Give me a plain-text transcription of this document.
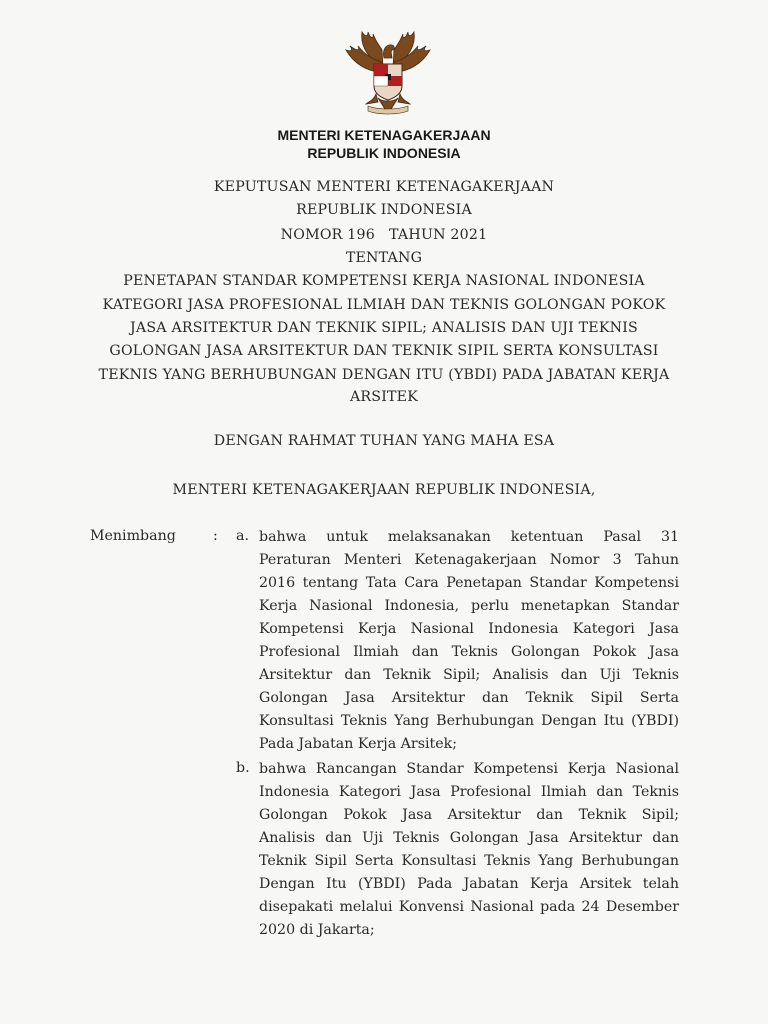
MENTERI KETENAGAKERJAAN
REPUBLIK INDONESIA
KEPUTUSAN MENTERI KETENAGAKERJAAN
REPUBLIK INDONESIA
NOMOR 196   TAHUN 2021
TENTANG
PENETAPAN STANDAR KOMPETENSI KERJA NASIONAL INDONESIA
KATEGORI JASA PROFESIONAL ILMIAH DAN TEKNIS GOLONGAN POKOK
JASA ARSITEKTUR DAN TEKNIK SIPIL; ANALISIS DAN UJI TEKNIS
GOLONGAN JASA ARSITEKTUR DAN TEKNIK SIPIL SERTA KONSULTASI
TEKNIS YANG BERHUBUNGAN DENGAN ITU (YBDI) PADA JABATAN KERJA
ARSITEK
DENGAN RAHMAT TUHAN YANG MAHA ESA
MENTERI KETENAGAKERJAAN REPUBLIK INDONESIA,
Menimbang	: a. bahwa untuk melaksanakan ketentuan Pasal 31
Peraturan Menteri Ketenagakerjaan Nomor 3 Tahun
2016 tentang Tata Cara Penetapan Standar Kompetensi
Kerja Nasional Indonesia, perlu menetapkan Standar
Kompetensi Kerja Nasional Indonesia Kategori Jasa
Profesional Ilmiah dan Teknis Golongan Pokok Jasa
Arsitektur dan Teknik Sipil; Analisis dan Uji Teknis
Golongan Jasa Arsitektur dan Teknik Sipil Serta
Konsultasi Teknis Yang Berhubungan Dengan Itu (YBDI)
Pada Jabatan Kerja Arsitek;
b. bahwa Rancangan Standar Kompetensi Kerja Nasional
Indonesia Kategori Jasa Profesional Ilmiah dan Teknis
Golongan Pokok Jasa Arsitektur dan Teknik Sipil;
Analisis dan Uji Teknis Golongan Jasa Arsitektur dan
Teknik Sipil Serta Konsultasi Teknis Yang Berhubungan
Dengan Itu (YBDI) Pada Jabatan Kerja Arsitek telah
disepakati melalui Konvensi Nasional pada 24 Desember
2020 di Jakarta;
